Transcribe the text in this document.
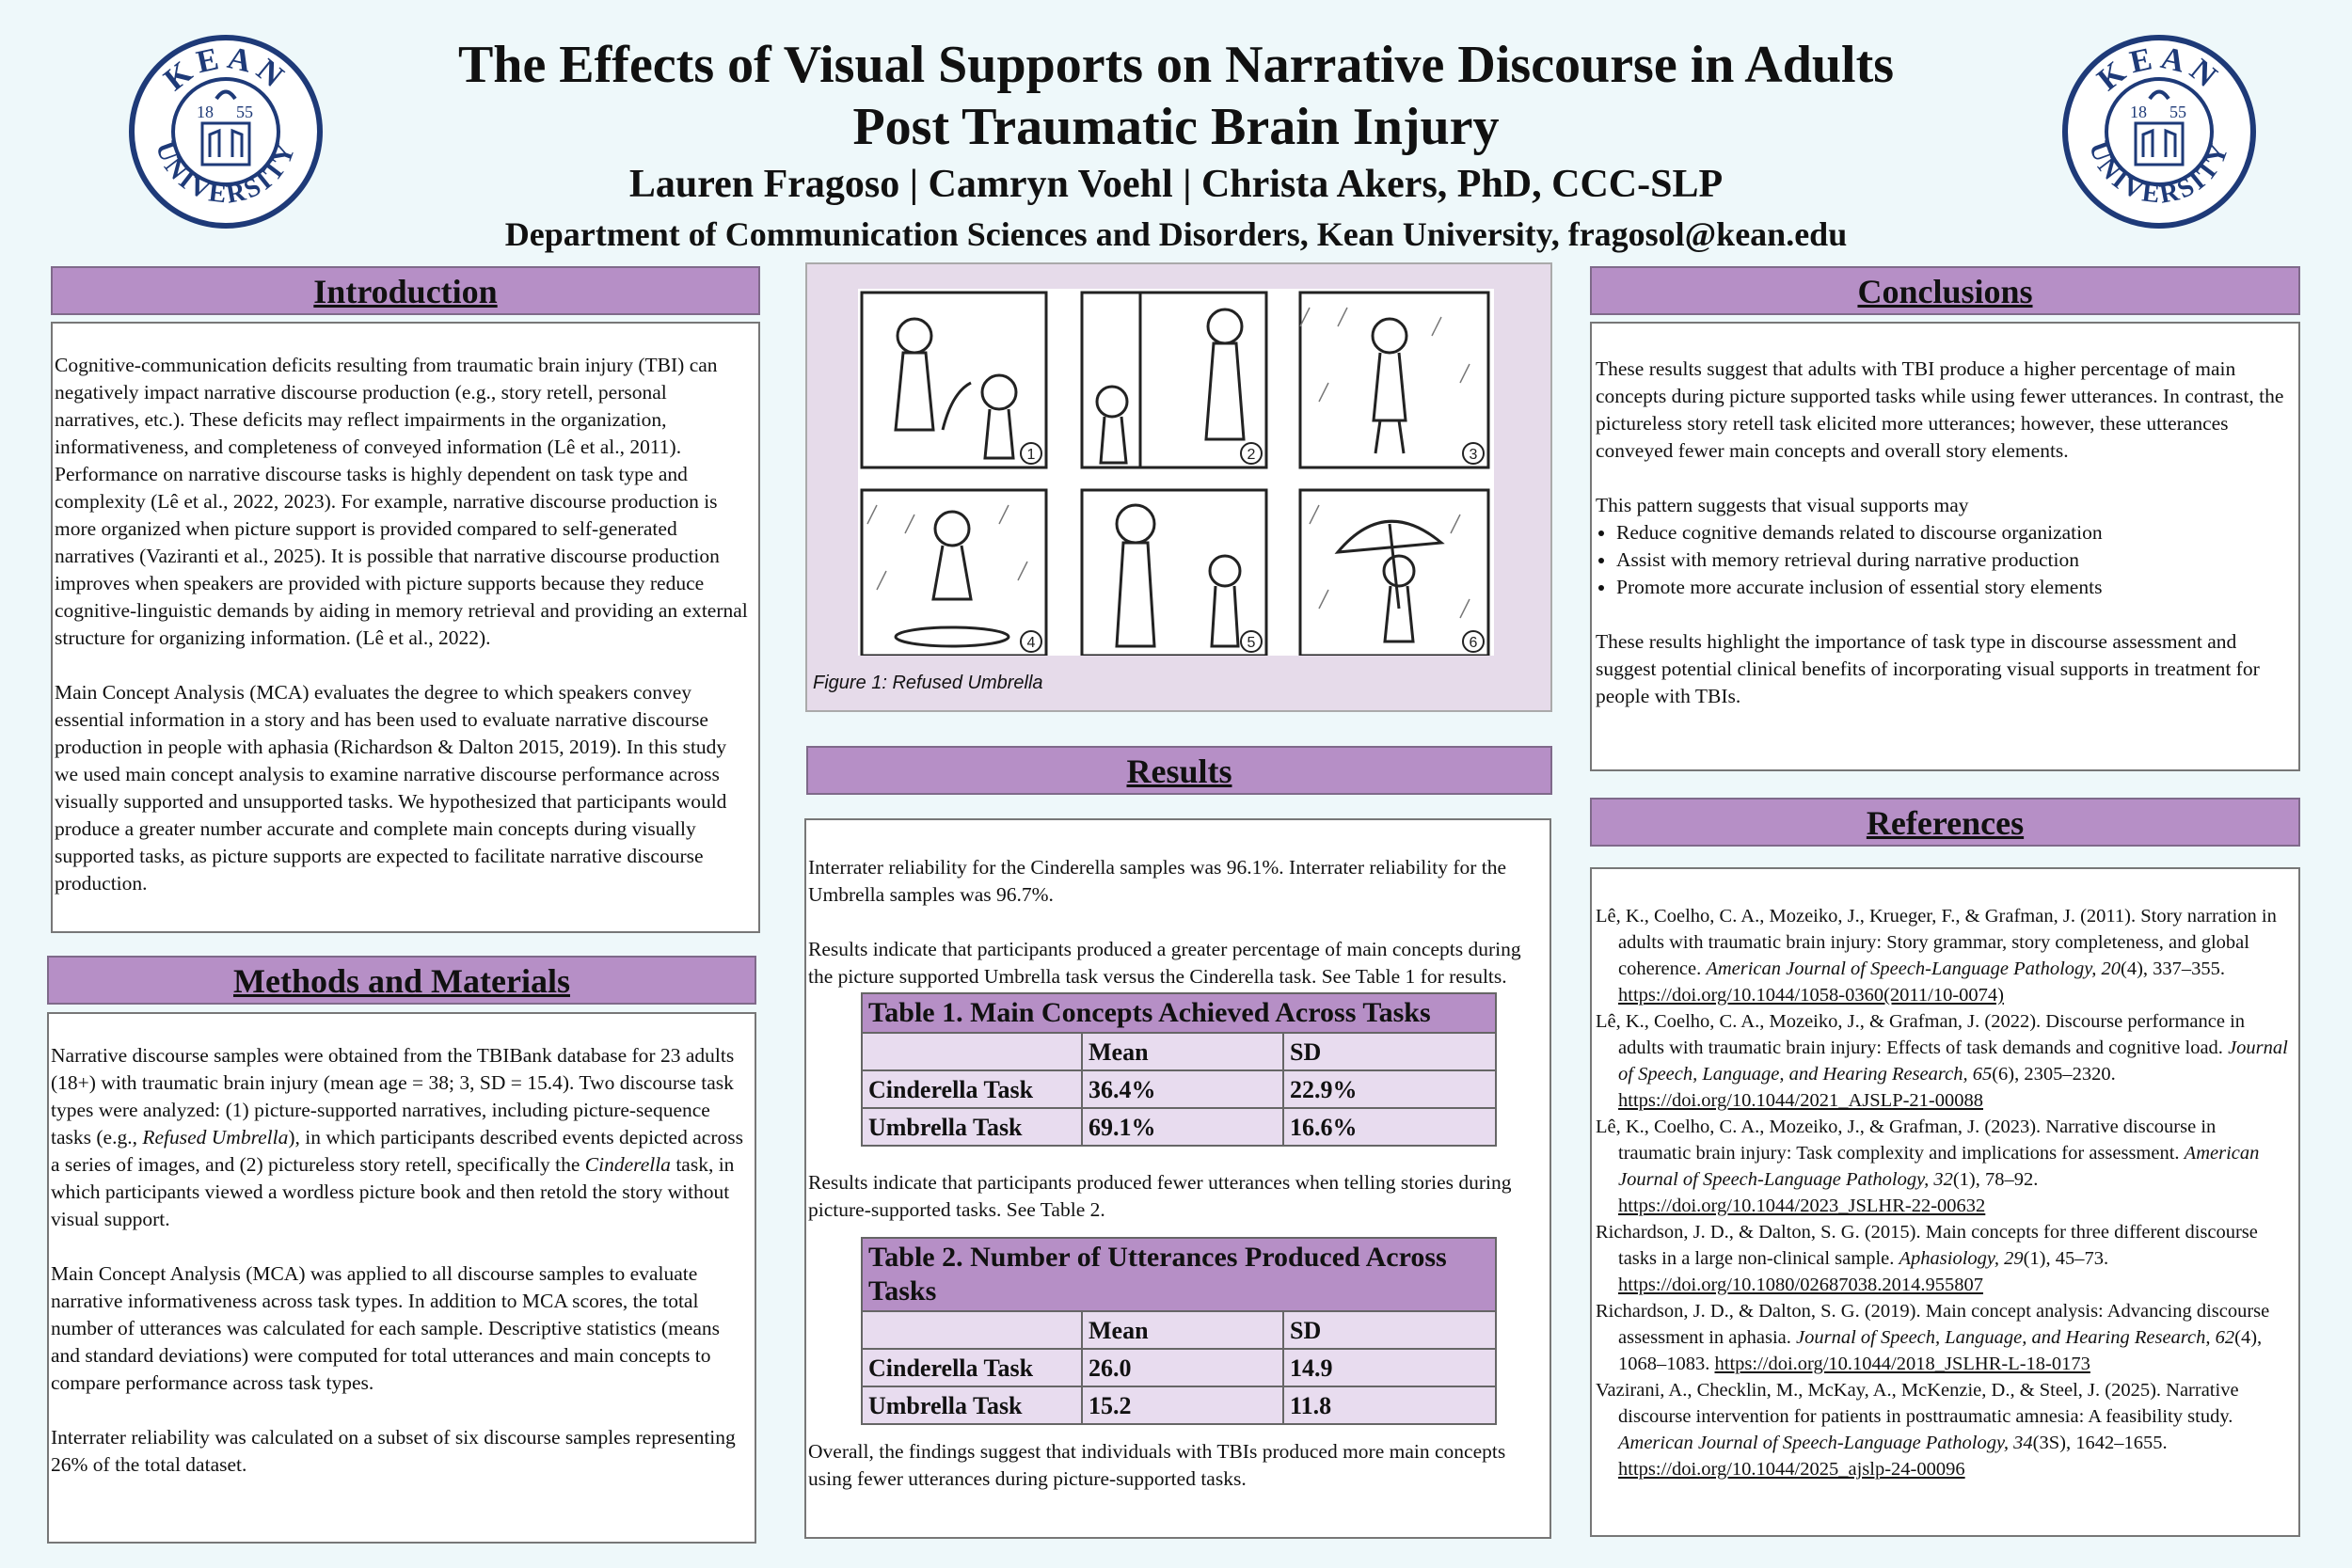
The Effects of Visual Supports on Narrative Discourse in Adults
Post Traumatic Brain Injury
Lauren Fragoso | Camryn Voehl | Christa Akers, PhD, CCC-SLP
Department of Communication Sciences and Disorders, Kean University, fragosol@kean.edu
KEAN
UNIVERSITY
18 55
KEAN
UNIVERSITY
18 55
Introduction

Cognitive-communication deficits resulting from traumatic brain injury (TBI) can negatively impact narrative discourse production (e.g., story retell, personal narratives, etc.). These deficits may reflect impairments in the organization, informativeness, and completeness of conveyed information (Lê et al., 2011). Performance on narrative discourse tasks is highly dependent on task type and complexity (Lê et al., 2022, 2023). For example, narrative discourse production is more organized when picture support is provided compared to self-generated narratives (Vaziranti et al., 2025). It is possible that narrative discourse production improves when speakers are provided with picture supports because they reduce cognitive-linguistic demands by aiding in memory retrieval and providing an external structure for organizing information. (Lê et al., 2022).

Main Concept Analysis (MCA) evaluates the degree to which speakers convey essential information in a story and has been used to evaluate narrative discourse production in people with aphasia (Richardson & Dalton 2015, 2019). In this study we used main concept analysis to examine narrative discourse performance across visually supported and unsupported tasks. We hypothesized that participants would produce a greater number accurate and complete main concepts during visually supported tasks, as picture supports are expected to facilitate narrative discourse production.

Methods and Materials

Narrative discourse samples were obtained from the TBIBank database for 23 adults (18+) with traumatic brain injury (mean age = 38; 3, SD = 15.4). Two discourse task types were analyzed: (1) picture-supported narratives, including picture-sequence tasks (e.g., Refused Umbrella), in which participants described events depicted across a series of images, and (2) pictureless story retell, specifically the Cinderella task, in which participants viewed a wordless picture book and then retold the story without visual support.

Main Concept Analysis (MCA) was applied to all discourse samples to evaluate narrative informativeness across task types. In addition to MCA scores, the total number of utterances was calculated for each sample. Descriptive statistics (means and standard deviations) were computed for total utterances and main concepts to compare performance across task types.

Interrater reliability was calculated on a subset of six discourse samples representing 26% of the total dataset.

1	2	3
4	5	6
Figure 1: Refused Umbrella
Results

Interrater reliability for the Cinderella samples was 96.1%. Interrater reliability for the Umbrella samples was 96.7%.

Results indicate that participants produced a greater percentage of main concepts during the picture supported Umbrella task versus the Cinderella task. See Table 1 for results.

Table 1. Main Concepts Achieved Across Tasks		
	Mean	SD
Cinderella Task	36.4%	22.9%
Umbrella Task	69.1%	16.6%

Results indicate that participants produced fewer utterances when telling stories during picture-supported tasks. See Table 2.

Table 2. Number of Utterances Produced Across Tasks		
	Mean	SD
Cinderella Task	26.0	14.9
Umbrella Task	15.2	11.8

Overall, the findings suggest that individuals with TBIs produced more main concepts using fewer utterances during picture-supported tasks.

Conclusions

These results suggest that adults with TBI produce a higher percentage of main concepts during picture supported tasks while using fewer utterances. In contrast, the pictureless story retell task elicited more utterances; however, these utterances conveyed fewer main concepts and overall story elements.

This pattern suggests that visual supports may

• Reduce cognitive demands related to discourse organization
• Assist with memory retrieval during narrative production
• Promote more accurate inclusion of essential story elements

These results highlight the importance of task type in discourse assessment and suggest potential clinical benefits of incorporating visual supports in treatment for people with TBIs.

References

Lê, K., Coelho, C. A., Mozeiko, J., Krueger, F., & Grafman, J. (2011). Story narration in adults with traumatic brain injury: Story grammar, story completeness, and global coherence. American Journal of Speech-Language Pathology, 20(4), 337–355. https://doi.org/10.1044/1058-0360(2011/10-0074)

Lê, K., Coelho, C. A., Mozeiko, J., & Grafman, J. (2022). Discourse performance in adults with traumatic brain injury: Effects of task demands and cognitive load. Journal of Speech, Language, and Hearing Research, 65(6), 2305–2320. https://doi.org/10.1044/2021_AJSLP-21-00088

Lê, K., Coelho, C. A., Mozeiko, J., & Grafman, J. (2023). Narrative discourse in traumatic brain injury: Task complexity and implications for assessment. American Journal of Speech-Language Pathology, 32(1), 78–92. https://doi.org/10.1044/2023_JSLHR-22-00632

Richardson, J. D., & Dalton, S. G. (2015). Main concepts for three different discourse tasks in a large non-clinical sample. Aphasiology, 29(1), 45–73. https://doi.org/10.1080/02687038.2014.955807

Richardson, J. D., & Dalton, S. G. (2019). Main concept analysis: Advancing discourse assessment in aphasia. Journal of Speech, Language, and Hearing Research, 62(4), 1068–1083. https://doi.org/10.1044/2018_JSLHR-L-18-0173

Vazirani, A., Checklin, M., McKay, A., McKenzie, D., & Steel, J. (2025). Narrative discourse intervention for patients in posttraumatic amnesia: A feasibility study. American Journal of Speech-Language Pathology, 34(3S), 1642–1655. https://doi.org/10.1044/2025_ajslp-24-00096
